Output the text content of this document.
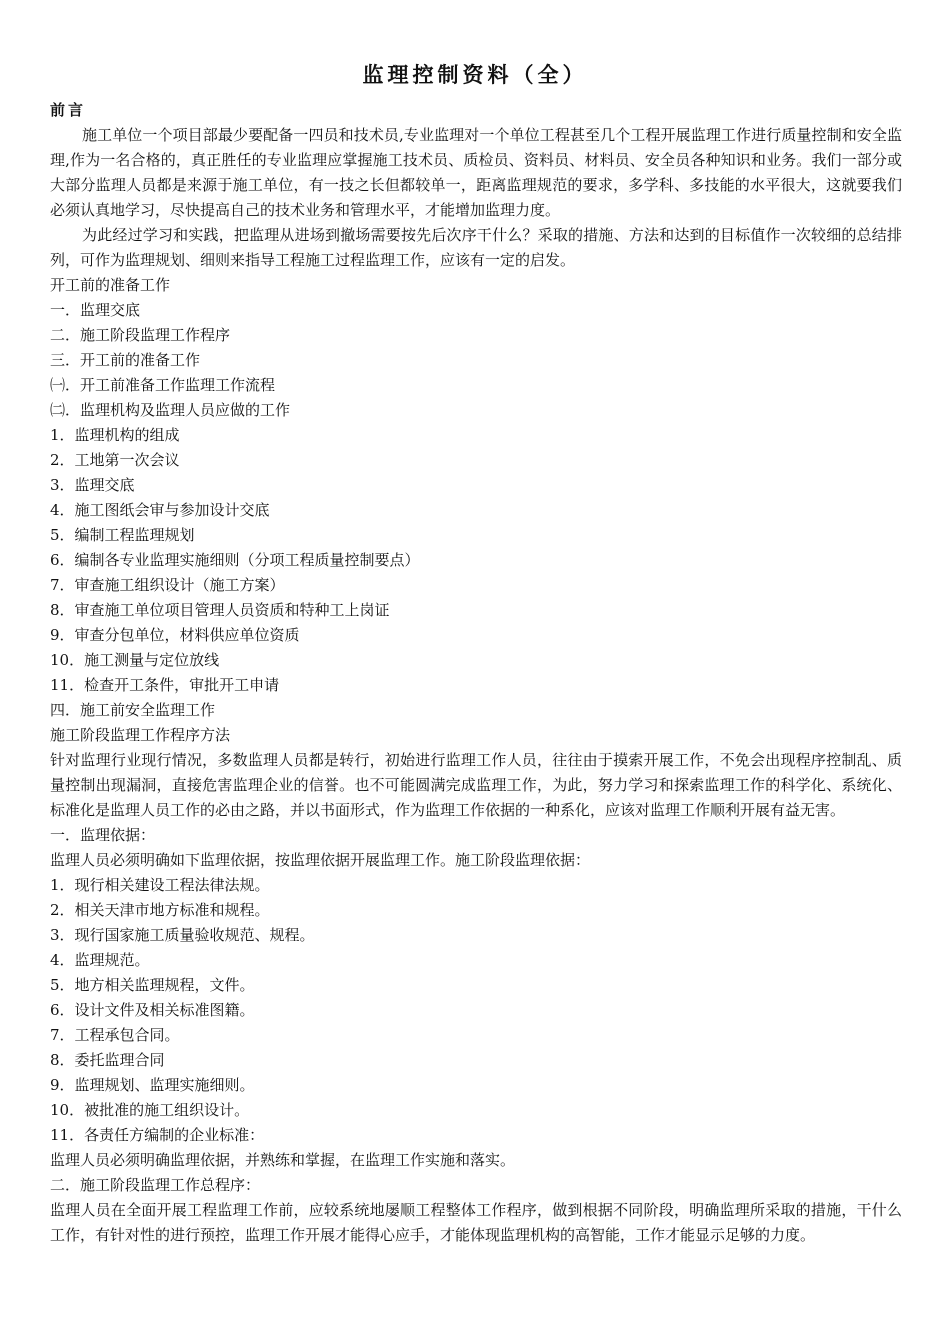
监理控制资料（全）
前言
施工单位一个项目部最少要配备一四员和技术员,专业监理对一个单位工程甚至几个工程开展监理工作进行质量控制和安全监理,作为一名合格的，真正胜任的专业监理应掌握施工技术员、质检员、资料员、材料员、安全员各种知识和业务。我们一部分或大部分监理人员都是来源于施工单位，有一技之长但都较单一，距离监理规范的要求，多学科、多技能的水平很大，这就要我们必须认真地学习，尽快提高自己的技术业务和管理水平，才能增加监理力度。
为此经过学习和实践，把监理从进场到撤场需要按先后次序干什么？采取的措施、方法和达到的目标值作一次较细的总结排列，可作为监理规划、细则来指导工程施工过程监理工作，应该有一定的启发。
开工前的准备工作
一．监理交底
二．施工阶段监理工作程序
三．开工前的准备工作
㈠．开工前准备工作监理工作流程
㈡．监理机构及监理人员应做的工作
1．监理机构的组成
2．工地第一次会议
3．监理交底
4．施工图纸会审与参加设计交底
5．编制工程监理规划
6．编制各专业监理实施细则（分项工程质量控制要点）
7．审查施工组织设计（施工方案）
8．审查施工单位项目管理人员资质和特种工上岗证
9．审查分包单位，材料供应单位资质
10．施工测量与定位放线
11．检查开工条件，审批开工申请
四．施工前安全监理工作
施工阶段监理工作程序方法
针对监理行业现行情况，多数监理人员都是转行，初始进行监理工作人员，往往由于摸索开展工作，不免会出现程序控制乱、质量控制出现漏洞，直接危害监理企业的信誉。也不可能圆满完成监理工作，为此，努力学习和探索监理工作的科学化、系统化、标准化是监理人员工作的必由之路，并以书面形式，作为监理工作依据的一种系化，应该对监理工作顺利开展有益无害。
一．监理依据：
监理人员必须明确如下监理依据，按监理依据开展监理工作。施工阶段监理依据：
1．现行相关建设工程法律法规。
2．相关天津市地方标准和规程。
3．现行国家施工质量验收规范、规程。
4．监理规范。
5．地方相关监理规程，文件。
6．设计文件及相关标准图籍。
7．工程承包合同。
8．委托监理合同
9．监理规划、监理实施细则。
10．被批准的施工组织设计。
11．各责任方编制的企业标准：
监理人员必须明确监理依据，并熟练和掌握，在监理工作实施和落实。
二．施工阶段监理工作总程序：
监理人员在全面开展工程监理工作前，应较系统地屡顺工程整体工作程序，做到根据不同阶段，明确监理所采取的措施，干什么工作，有针对性的进行预控，监理工作开展才能得心应手，才能体现监理机构的高智能，工作才能显示足够的力度。
